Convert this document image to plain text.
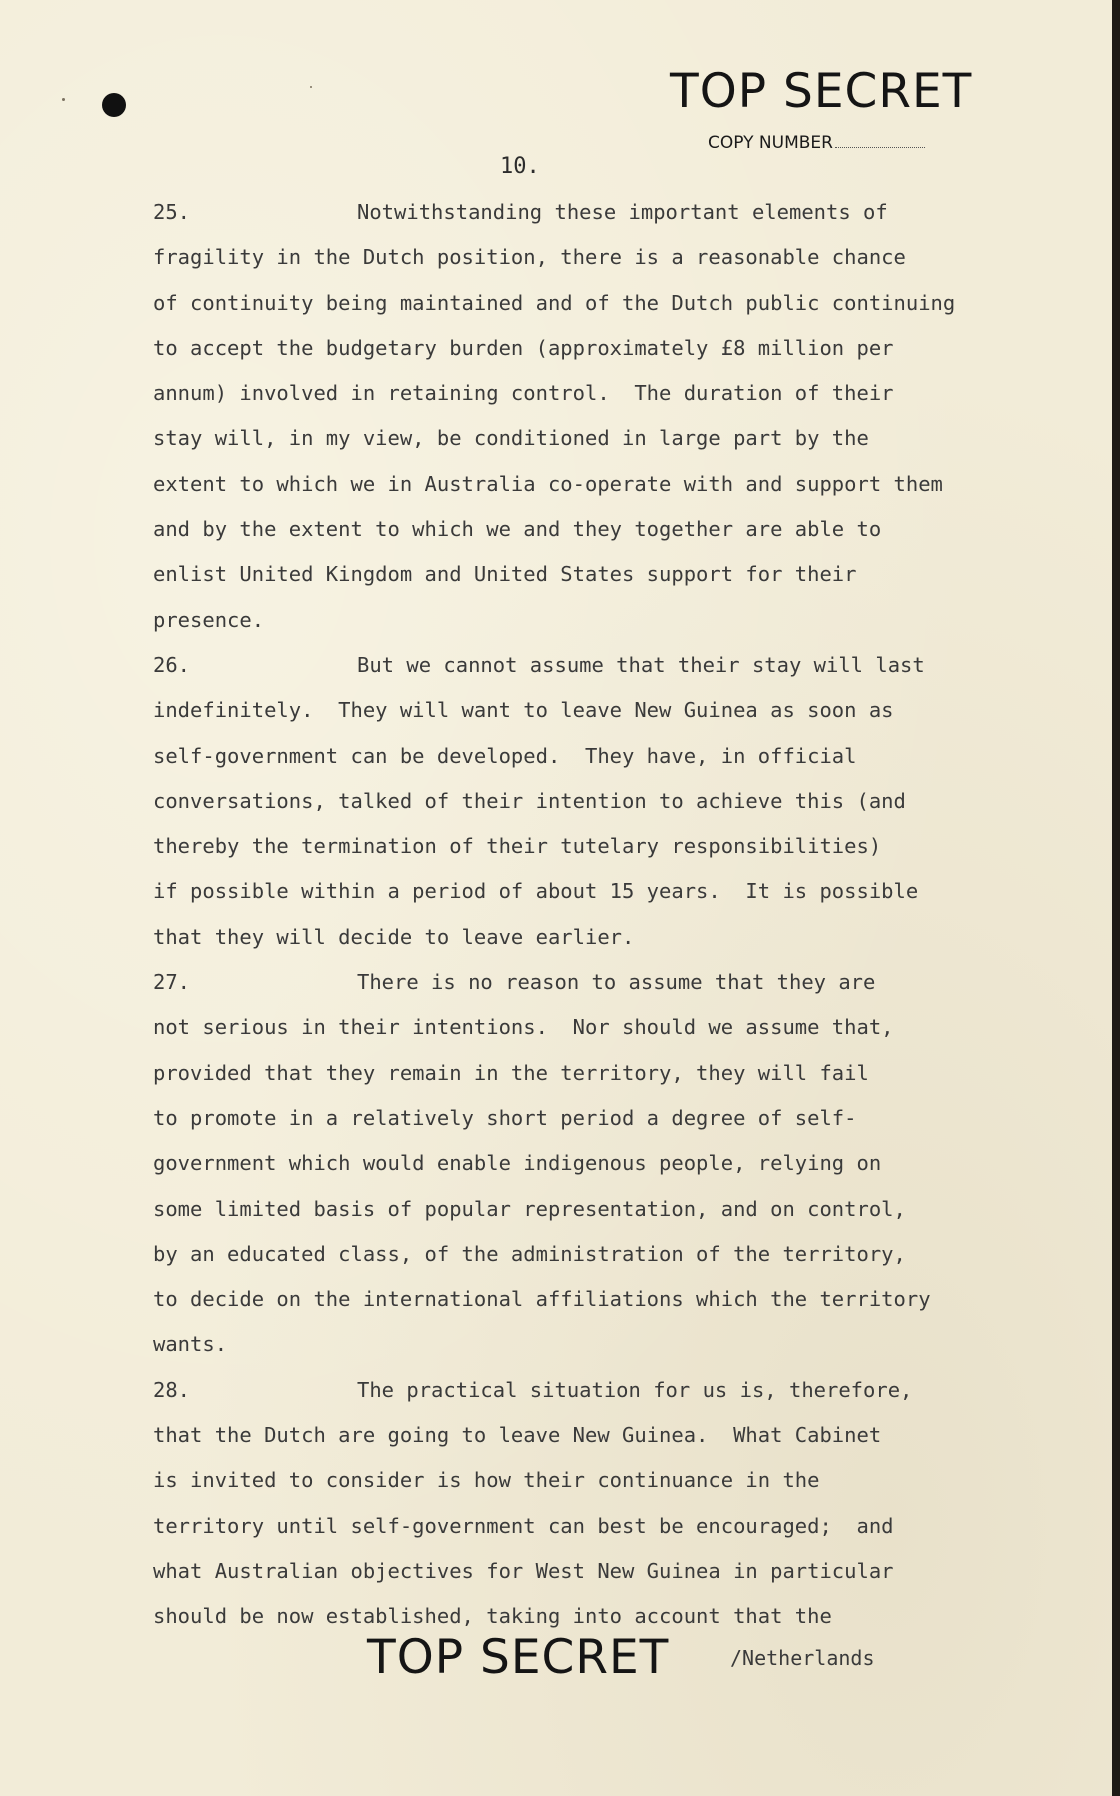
TOP SECRET
COPY NUMBER
10.
25.	Notwithstanding these important elements of
fragility in the Dutch position, there is a reasonable chance
of continuity being maintained and of the Dutch public continuing
to accept the budgetary burden (approximately £8 million per
annum) involved in retaining control.  The duration of their
stay will, in my view, be conditioned in large part by the
extent to which we in Australia co-operate with and support them
and by the extent to which we and they together are able to
enlist United Kingdom and United States support for their
presence.
26.	But we cannot assume that their stay will last
indefinitely.  They will want to leave New Guinea as soon as
self-government can be developed.  They have, in official
conversations, talked of their intention to achieve this (and
thereby the termination of their tutelary responsibilities)
if possible within a period of about 15 years.  It is possible
that they will decide to leave earlier.
27.	There is no reason to assume that they are
not serious in their intentions.  Nor should we assume that,
provided that they remain in the territory, they will fail
to promote in a relatively short period a degree of self-
government which would enable indigenous people, relying on
some limited basis of popular representation, and on control,
by an educated class, of the administration of the territory,
to decide on the international affiliations which the territory
wants.
28.	The practical situation for us is, therefore,
that the Dutch are going to leave New Guinea.  What Cabinet
is invited to consider is how their continuance in the
territory until self-government can best be encouraged;  and
what Australian objectives for West New Guinea in particular
should be now established, taking into account that the
TOP SECRET	/Netherlands
